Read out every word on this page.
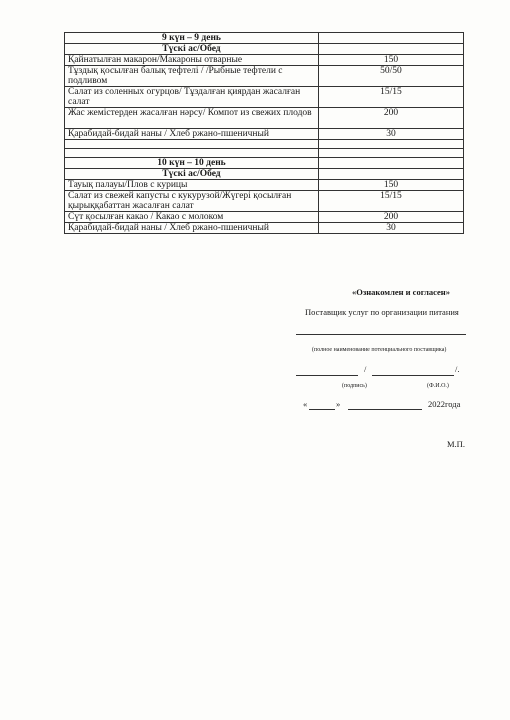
9 күн – 9 день	
Түскі ас/Обед	
Қайнатылған макарон/Макароны отварные	150
Тұздық қосылған балық тефтелі / /Рыбные тефтели с подливом	50/50
Салат из соленных огурцов/ Тұздалған қиярдан жасалған салат	15/15
Жас жемістерден жасалған нәрсу/ Компот из свежих плодов	200
Қарабидай-бидай наны / Хлеб ржано-пшеничный	30

10 күн – 10 день	
Түскі ас/Обед	
Тауық палауы/Плов с курицы	150
Салат из свежей капусты с кукурузой/Жүгері қосылған қырыққабаттан жасалған салат	15/15
Сүт қосылған какао / Какао с молоком	200
Қарабидай-бидай наны / Хлеб ржано-пшеничный	30
«Ознакомлен и согласен»
Поставщик услуг по организации питания
(полное наименование потенциального поставщика)
/	/.
(подпись)	(Ф.И.О.)
«	»	2022года
М.П.
